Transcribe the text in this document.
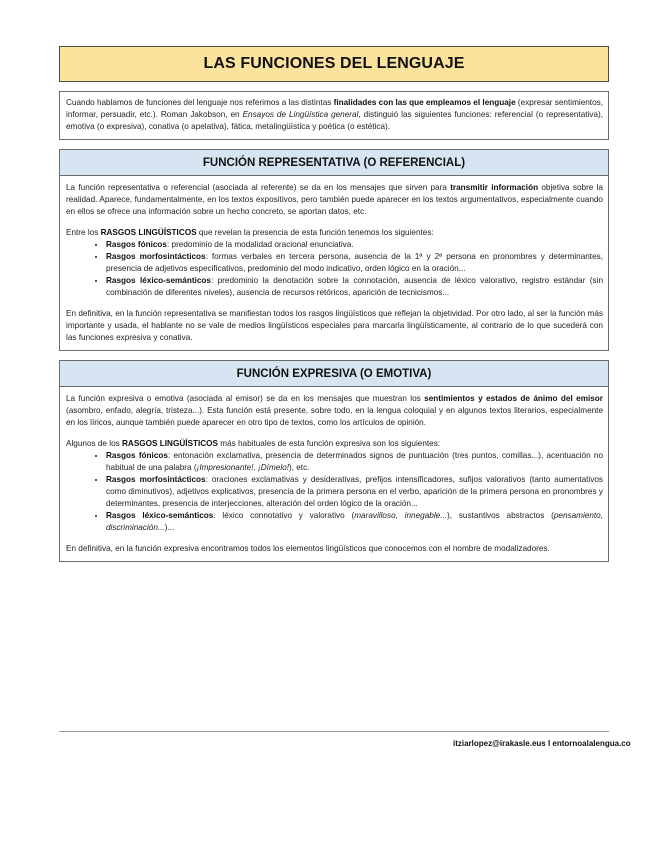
LAS FUNCIONES DEL LENGUAJE
Cuando hablamos de funciones del lenguaje nos referimos a las distintas finalidades con las que empleamos el lenguaje (expresar sentimientos, informar, persuadir, etc.). Roman Jakobson, en Ensayos de Lingüística general, distinguió las siguientes funciones: referencial (o representativa), emotiva (o expresiva), conativa (o apelativa), fática, metalingüística y poética (o estética).
FUNCIÓN REPRESENTATIVA (O REFERENCIAL)

La función representativa o referencial (asociada al referente) se da en los mensajes que sirven para transmitir información objetiva sobre la realidad. Aparece, fundamentalmente, en los textos expositivos, pero también puede aparecer en los textos argumentativos, especialmente cuando en ellos se ofrece una información sobre un hecho concreto, se aportan datos, etc.

Entre los RASGOS LINGÜÍSTICOS que revelan la presencia de esta función tenemos los siguientes:

• Rasgos fónicos: predominio de la modalidad oracional enunciativa.
• Rasgos morfosintácticos: formas verbales en tercera persona, ausencia de la 1ª y 2ª persona en pronombres y determinantes, presencia de adjetivos especificativos, predominio del modo indicativo, orden lógico en la oración...
• Rasgos léxico-semánticos: predominio la denotación sobre la connotación, ausencia de léxico valorativo, registro estándar (sin combinación de diferentes niveles), ausencia de recursos retóricos, aparición de tecnicismos...

En definitiva, en la función representativa se manifiestan todos los rasgos lingüísticos que reflejan la objetividad. Por otro lado, al ser la función más importante y usada, el hablante no se vale de medios lingüísticos especiales para marcarla lingüísticamente, al contrario de lo que sucederá con las funciones expresiva y conativa.

FUNCIÓN EXPRESIVA (O EMOTIVA)

La función expresiva o emotiva (asociada al emisor) se da en los mensajes que muestran los sentimientos y estados de ánimo del emisor (asombro, enfado, alegría, tristeza...). Esta función está presente, sobre todo, en la lengua coloquial y en algunos textos literarios, especialmente en los líricos, aunque también puede aparecer en otro tipo de textos, como los artículos de opinión.

Algunos de los RASGOS LINGÜÍSTICOS más habituales de esta función expresiva son los siguientes:

• Rasgos fónicos: entonación exclamativa, presencia de determinados signos de puntuación (tres puntos, comillas...), acentuación no habitual de una palabra (¡Impresionante!, ¡Dímelo!), etc.
• Rasgos morfosintácticos: oraciones exclamativas y desiderativas, prefijos intensificadores, sufijos valorativos (tanto aumentativos como diminutivos), adjetivos explicativos, presencia de la primera persona en el verbo, aparición de la primera persona en pronombres y determinantes, presencia de interjecciones, alteración del orden lógico de la oración...
• Rasgos léxico-semánticos: léxico connotativo y valorativo (maravilloso, innegable...), sustantivos abstractos (pensamiento, discriminación...)...

En definitiva, en la función expresiva encontramos todos los elementos lingüísticos que conocemos con el nombre de modalizadores.

itziarlopez@irakasle.eus I entornoalalengua.co
